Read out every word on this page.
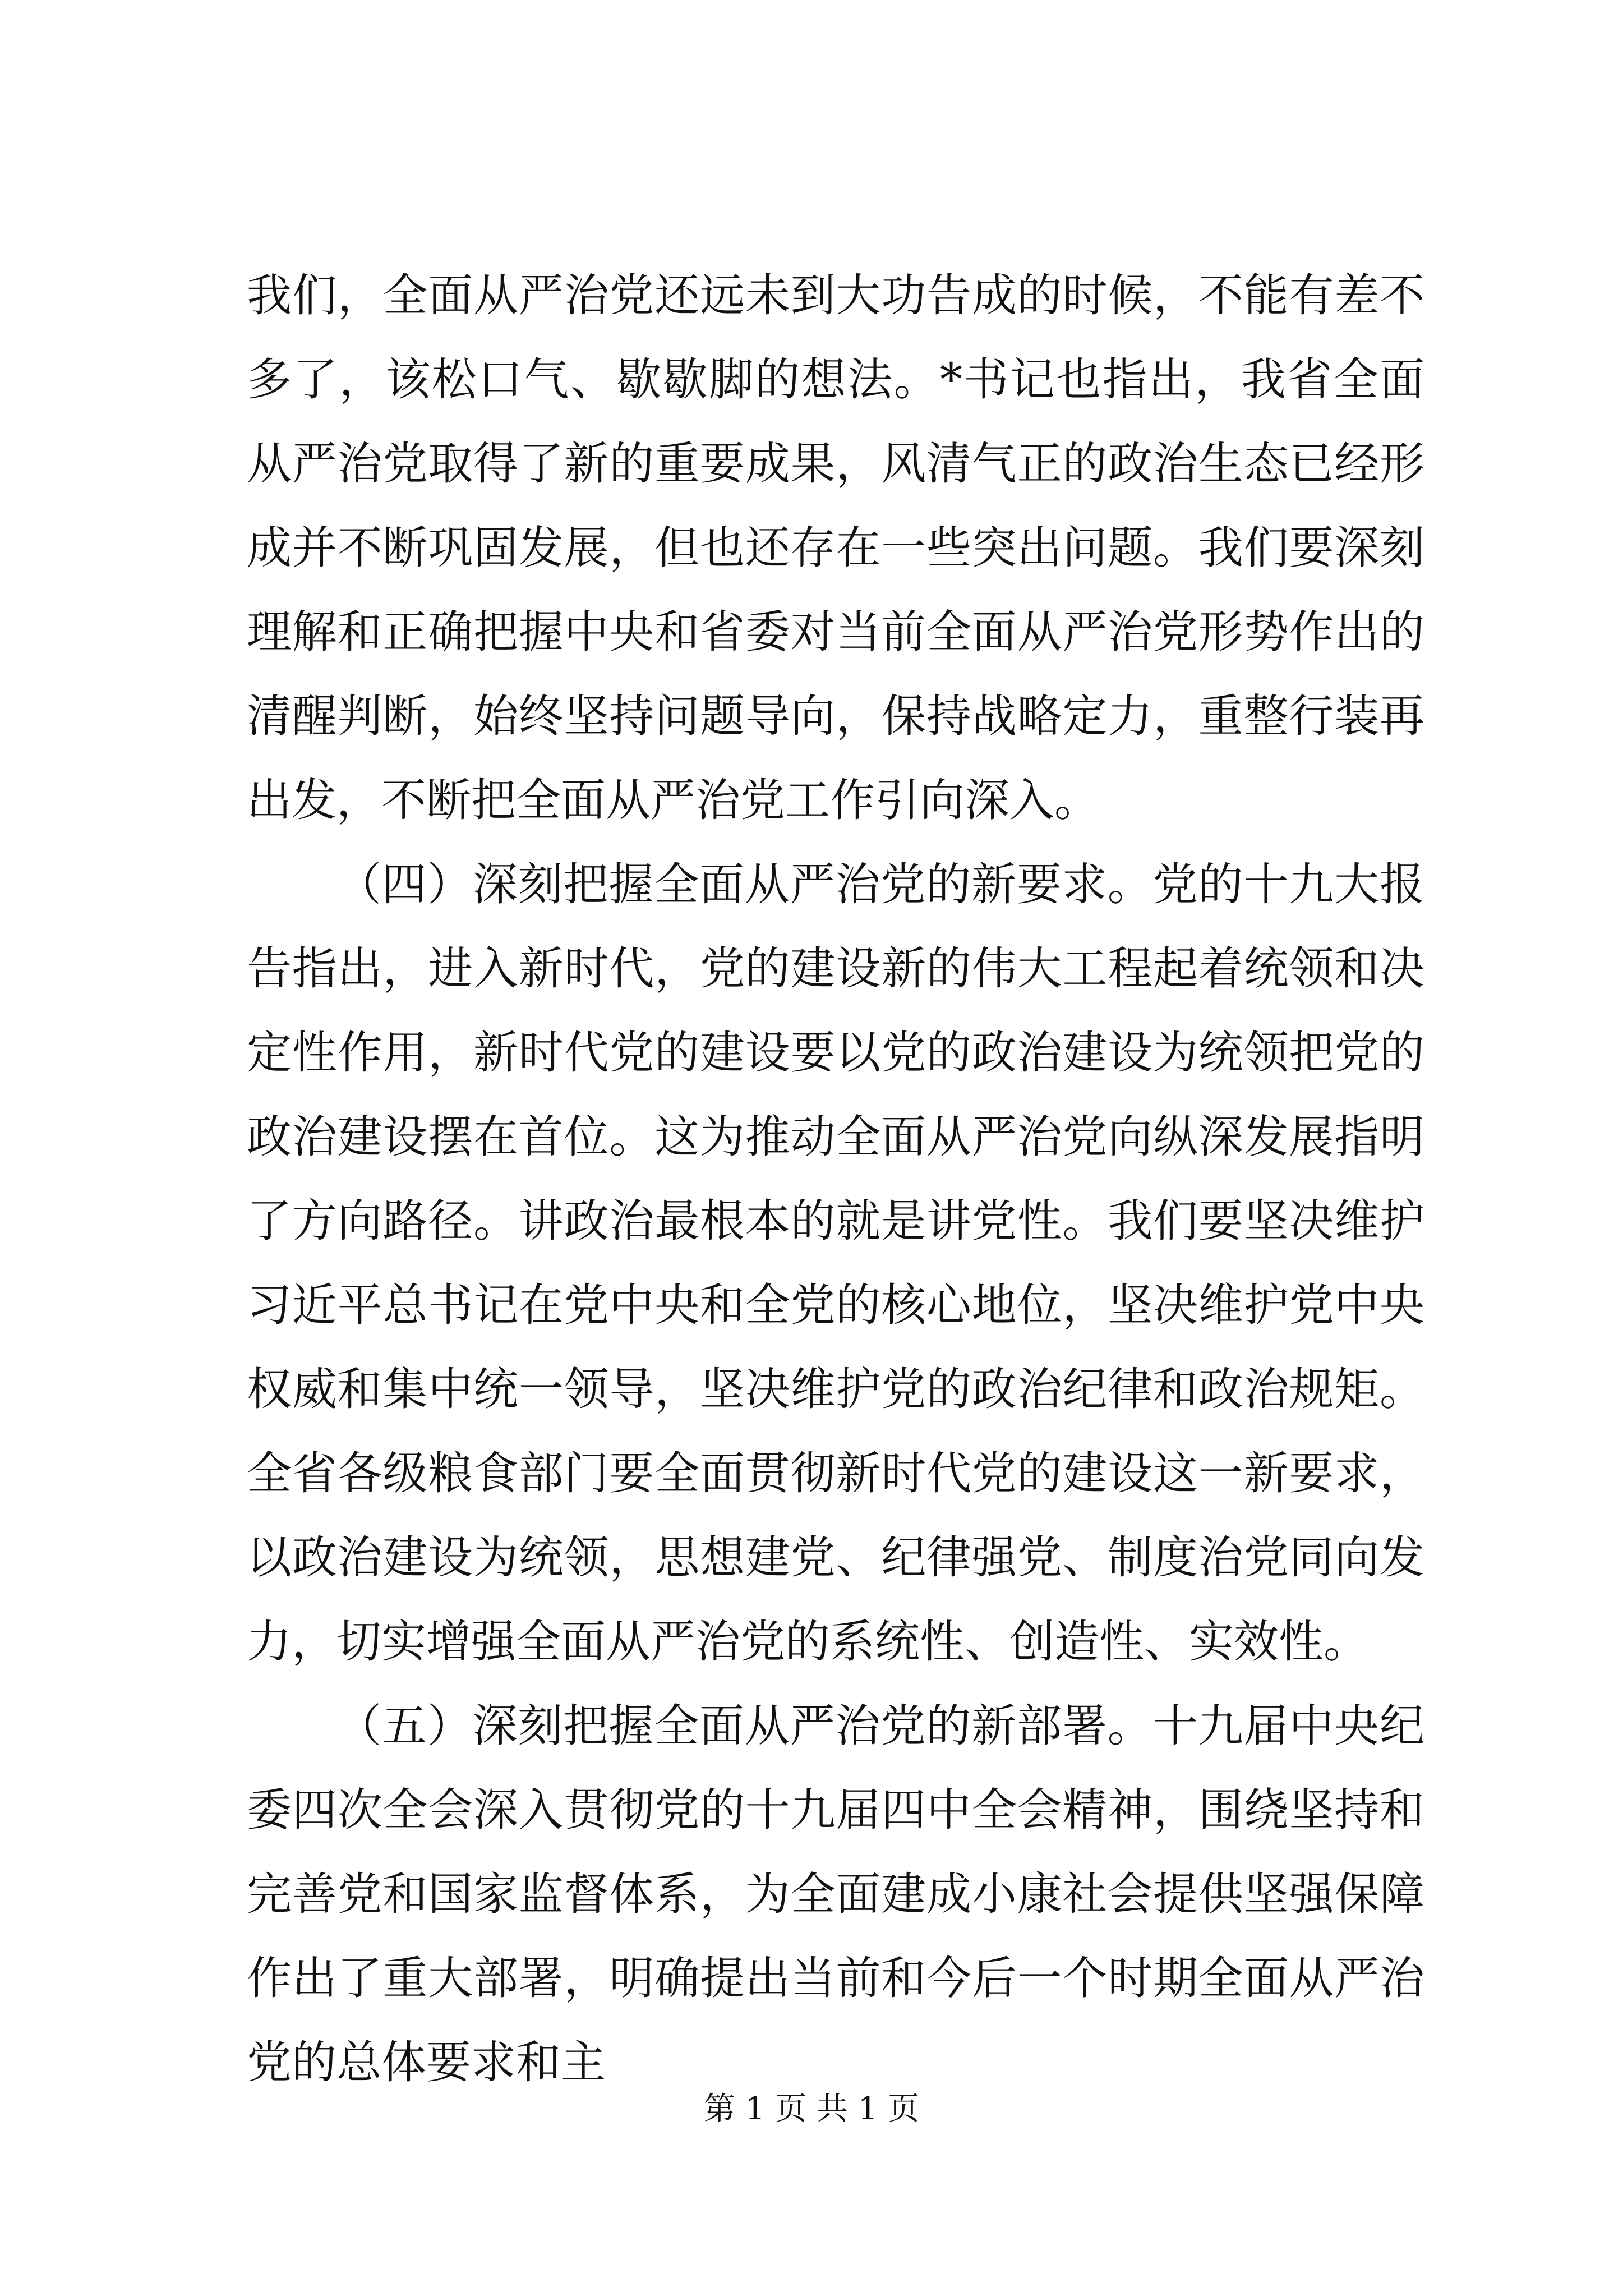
我们，全面从严治党还远未到大功告成的时候，不能有差不多了，该松口气、歇歇脚的想法。*书记也指出，我省全面从严治党取得了新的重要成果，风清气正的政治生态已经形成并不断巩固发展，但也还存在一些突出问题。我们要深刻理解和正确把握中央和省委对当前全面从严治党形势作出的清醒判断，始终坚持问题导向，保持战略定力，重整行装再出发，不断把全面从严治党工作引向深入。

（四）深刻把握全面从严治党的新要求。党的十九大报告指出，进入新时代，党的建设新的伟大工程起着统领和决定性作用，新时代党的建设要以党的政治建设为统领把党的政治建设摆在首位。这为推动全面从严治党向纵深发展指明了方向路径。讲政治最根本的就是讲党性。我们要坚决维护习近平总书记在党中央和全党的核心地位，坚决维护党中央权威和集中统一领导，坚决维护党的政治纪律和政治规矩。全省各级粮食部门要全面贯彻新时代党的建设这一新要求，以政治建设为统领，思想建党、纪律强党、制度治党同向发力，切实增强全面从严治党的系统性、创造性、实效性。

（五）深刻把握全面从严治党的新部署。十九届中央纪委四次全会深入贯彻党的十九届四中全会精神，围绕坚持和完善党和国家监督体系，为全面建成小康社会提供坚强保障作出了重大部署，明确提出当前和今后一个时期全面从严治党的总体要求和主

第 1 页 共 1 页
